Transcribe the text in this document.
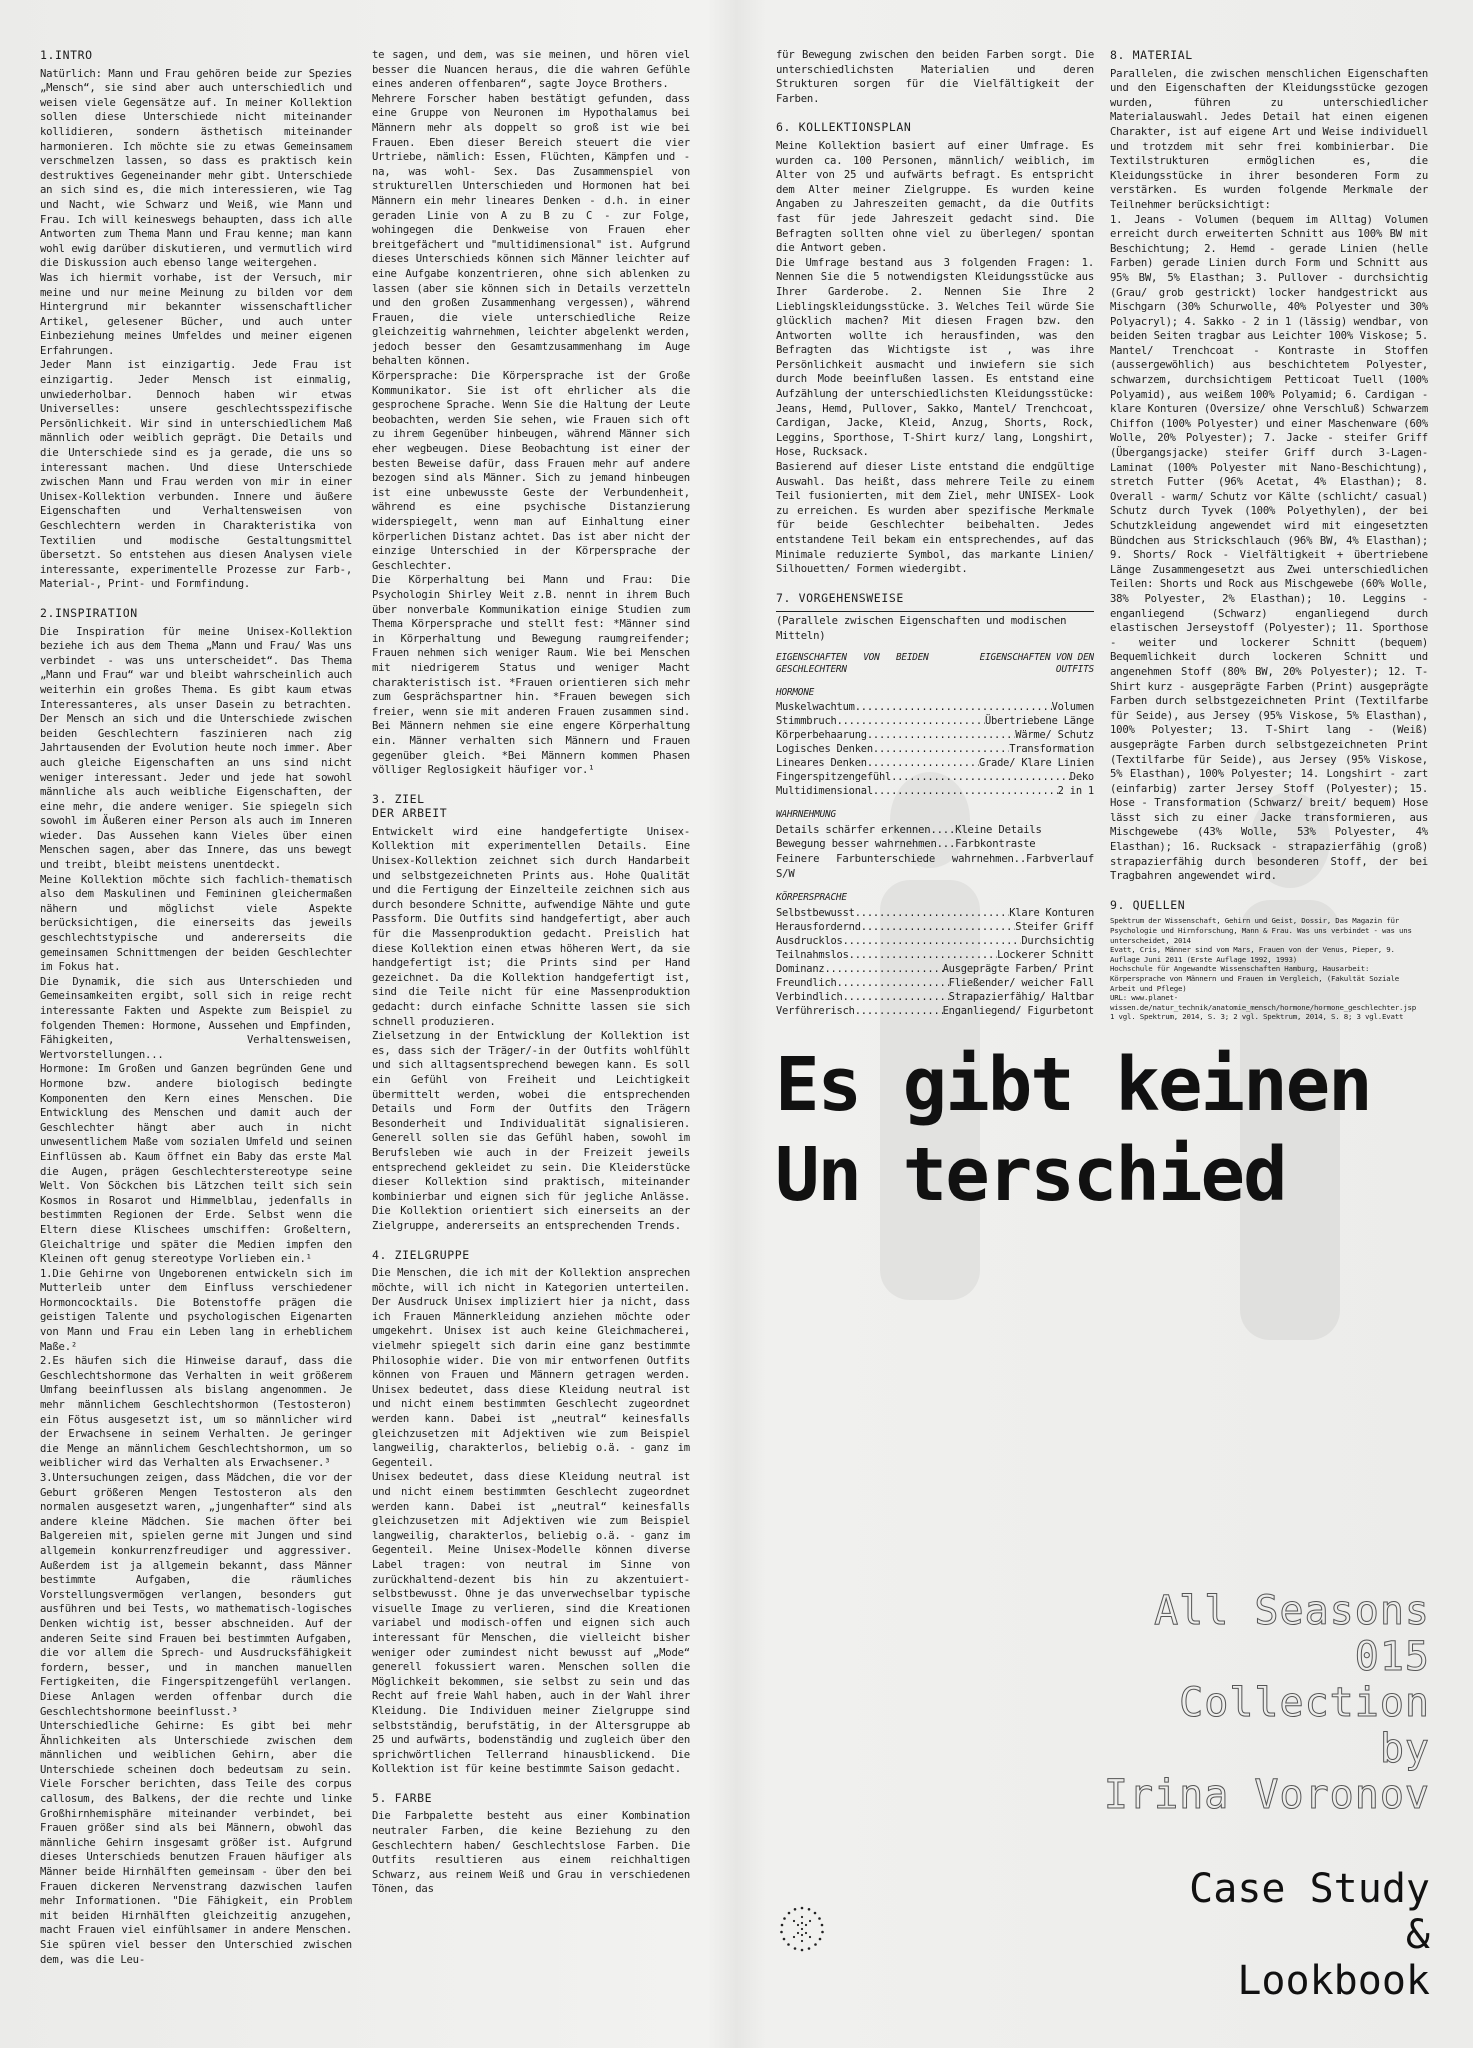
1.INTRO

Natürlich: Mann und Frau gehören beide zur Spezies „Mensch“, sie sind aber auch unterschiedlich und weisen viele Gegensätze auf. In meiner Kollektion sollen diese Unterschiede nicht miteinander kollidieren, sondern ästhetisch miteinander harmonieren. Ich möchte sie zu etwas Gemeinsamem verschmelzen lassen, so dass es praktisch kein destruktives Gegeneinander mehr gibt. Unterschiede an sich sind es, die mich interessieren, wie Tag und Nacht, wie Schwarz und Weiß, wie Mann und Frau. Ich will keineswegs behaupten, dass ich alle Antworten zum Thema Mann und Frau kenne; man kann wohl ewig darüber diskutieren, und vermutlich wird die Diskussion auch ebenso lange weitergehen.

Was ich hiermit vorhabe, ist der Versuch, mir meine und nur meine Meinung zu bilden vor dem Hintergrund mir bekannter wissenschaftlicher Artikel, gelesener Bücher, und auch unter Einbeziehung meines Umfeldes und meiner eigenen Erfahrungen.

Jeder Mann ist einzigartig. Jede Frau ist einzigartig. Jeder Mensch ist einmalig, unwiederholbar. Dennoch haben wir etwas Universelles: unsere geschlechtsspezifische Persönlichkeit. Wir sind in unterschiedlichem Maß männlich oder weiblich geprägt. Die Details und die Unterschiede sind es ja gerade, die uns so interessant machen. Und diese Unterschiede zwischen Mann und Frau werden von mir in einer Unisex-Kollektion verbunden. Innere und äußere Eigenschaften und Verhaltensweisen von Geschlechtern werden in Charakteristika von Textilien und modische Gestaltungsmittel übersetzt. So entstehen aus diesen Analysen viele interessante, experimentelle Prozesse zur Farb-, Material-, Print- und Formfindung.

2.INSPIRATION

Die Inspiration für meine Unisex-Kollektion beziehe ich aus dem Thema „Mann und Frau/ Was uns verbindet - was uns unterscheidet“. Das Thema „Mann und Frau“ war und bleibt wahrscheinlich auch weiterhin ein großes Thema. Es gibt kaum etwas Interessanteres, als unser Dasein zu betrachten. Der Mensch an sich und die Unterschiede zwischen beiden Geschlechtern faszinieren nach zig Jahrtausenden der Evolution heute noch immer. Aber auch gleiche Eigenschaften an uns sind nicht weniger interessant. Jeder und jede hat sowohl männliche als auch weibliche Eigenschaften, der eine mehr, die andere weniger. Sie spiegeln sich sowohl im Äußeren einer Person als auch im Inneren wieder. Das Aussehen kann Vieles über einen Menschen sagen, aber das Innere, das uns bewegt und treibt, bleibt meistens unentdeckt.

Meine Kollektion möchte sich fachlich-thematisch also dem Maskulinen und Femininen gleichermaßen nähern und möglichst viele Aspekte berücksichtigen, die einerseits das jeweils geschlechtstypische und andererseits die gemeinsamen Schnittmengen der beiden Geschlechter im Fokus hat.

Die Dynamik, die sich aus Unterschieden und Gemeinsamkeiten ergibt, soll sich in reige recht interessante Fakten und Aspekte zum Beispiel zu folgenden Themen: Hormone, Aussehen und Empfinden, Fähigkeiten, Verhaltensweisen, Wertvorstellungen...

Hormone: Im Großen und Ganzen begründen Gene und Hormone bzw. andere biologisch bedingte Komponenten den Kern eines Menschen. Die Entwicklung des Menschen und damit auch der Geschlechter hängt aber auch in nicht unwesentlichem Maße vom sozialen Umfeld und seinen Einflüssen ab. Kaum öffnet ein Baby das erste Mal die Augen, prägen Geschlechterstereotype seine Welt. Von Söckchen bis Lätzchen teilt sich sein Kosmos in Rosarot und Himmelblau, jedenfalls in bestimmten Regionen der Erde. Selbst wenn die Eltern diese Klischees umschiffen: Großeltern, Gleichaltrige und später die Medien impfen den Kleinen oft genug stereotype Vorlieben ein.¹

1.Die Gehirne von Ungeborenen entwickeln sich im Mutterleib unter dem Einfluss verschiedener Hormoncocktails. Die Botenstoffe prägen die geistigen Talente und psychologischen Eigenarten von Mann und Frau ein Leben lang in erheblichem Maße.²

2.Es häufen sich die Hinweise darauf, dass die Geschlechtshormone das Verhalten in weit größerem Umfang beeinflussen als bislang angenommen. Je mehr männlichem Geschlechtshormon (Testosteron) ein Fötus ausgesetzt ist, um so männlicher wird der Erwachsene in seinem Verhalten. Je geringer die Menge an männlichem Geschlechtshormon, um so weiblicher wird das Verhalten als Erwachsener.³

3.Untersuchungen zeigen, dass Mädchen, die vor der Geburt größeren Mengen Testosteron als den normalen ausgesetzt waren, „jungenhafter“ sind als andere kleine Mädchen. Sie machen öfter bei Balgereien mit, spielen gerne mit Jungen und sind allgemein konkurrenzfreudiger und aggressiver. Außerdem ist ja allgemein bekannt, dass Männer bestimmte Aufgaben, die räumliches Vorstellungsvermögen verlangen, besonders gut ausführen und bei Tests, wo mathematisch-logisches Denken wichtig ist, besser abschneiden. Auf der anderen Seite sind Frauen bei bestimmten Aufgaben, die vor allem die Sprech- und Ausdrucksfähigkeit fordern, besser, und in manchen manuellen Fertigkeiten, die Fingerspitzengefühl verlangen. Diese Anlagen werden offenbar durch die Geschlechtshormone beeinflusst.³

Unterschiedliche Gehirne: Es gibt bei mehr Ähnlichkeiten als Unterschiede zwischen dem männlichen und weiblichen Gehirn, aber die Unterschiede scheinen doch bedeutsam zu sein. Viele Forscher berichten, dass Teile des corpus callosum, des Balkens, der die rechte und linke Großhirnhemisphäre miteinander verbindet, bei Frauen größer sind als bei Männern, obwohl das männliche Gehirn insgesamt größer ist. Aufgrund dieses Unterschieds benutzen Frauen häufiger als Männer beide Hirnhälften gemeinsam - über den bei Frauen dickeren Nervenstrang dazwischen laufen mehr Informationen. "Die Fähigkeit, ein Problem mit beiden Hirnhälften gleichzeitig anzugehen, macht Frauen viel einfühlsamer in andere Menschen. Sie spüren viel besser den Unterschied zwischen dem, was die Leu-

te sagen, und dem, was sie meinen, und hören viel besser die Nuancen heraus, die die wahren Gefühle eines anderen offenbaren“, sagte Joyce Brothers.

Mehrere Forscher haben bestätigt gefunden, dass eine Gruppe von Neuronen im Hypothalamus bei Männern mehr als doppelt so groß ist wie bei Frauen. Eben dieser Bereich steuert die vier Urtriebe, nämlich: Essen, Flüchten, Kämpfen und - na, was wohl- Sex. Das Zusammenspiel von strukturellen Unterschieden und Hormonen hat bei Männern ein mehr lineares Denken - d.h. in einer geraden Linie von A zu B zu C - zur Folge, wohingegen die Denkweise von Frauen eher breitgefächert und "multidimensional" ist. Aufgrund dieses Unterschieds können sich Männer leichter auf eine Aufgabe konzentrieren, ohne sich ablenken zu lassen (aber sie können sich in Details verzetteln und den großen Zusammenhang vergessen), während Frauen, die viele unterschiedliche Reize gleichzeitig wahrnehmen, leichter abgelenkt werden, jedoch besser den Gesamtzusammenhang im Auge behalten können.

Körpersprache: Die Körpersprache ist der Große Kommunikator. Sie ist oft ehrlicher als die gesprochene Sprache. Wenn Sie die Haltung der Leute beobachten, werden Sie sehen, wie Frauen sich oft zu ihrem Gegenüber hinbeugen, während Männer sich eher wegbeugen. Diese Beobachtung ist einer der besten Beweise dafür, dass Frauen mehr auf andere bezogen sind als Männer. Sich zu jemand hinbeugen ist eine unbewusste Geste der Verbundenheit, während es eine psychische Distanzierung widerspiegelt, wenn man auf Einhaltung einer körperlichen Distanz achtet. Das ist aber nicht der einzige Unterschied in der Körpersprache der Geschlechter.

Die Körperhaltung bei Mann und Frau: Die Psychologin Shirley Weit z.B. nennt in ihrem Buch über nonverbale Kommunikation einige Studien zum Thema Körpersprache und stellt fest: *Männer sind in Körperhaltung und Bewegung raumgreifender; Frauen nehmen sich weniger Raum. Wie bei Menschen mit niedrigerem Status und weniger Macht charakteristisch ist. *Frauen orientieren sich mehr zum Gesprächspartner hin. *Frauen bewegen sich freier, wenn sie mit anderen Frauen zusammen sind. Bei Männern nehmen sie eine engere Körperhaltung ein. Männer verhalten sich Männern und Frauen gegenüber gleich. *Bei Männern kommen Phasen völliger Reglosigkeit häufiger vor.¹

3. ZIEL
DER ARBEIT

Entwickelt wird eine handgefertigte Unisex-Kollektion mit experimentellen Details. Eine Unisex-Kollektion zeichnet sich durch Handarbeit und selbstgezeichneten Prints aus. Hohe Qualität und die Fertigung der Einzelteile zeichnen sich aus durch besondere Schnitte, aufwendige Nähte und gute Passform. Die Outfits sind handgefertigt, aber auch für die Massenproduktion gedacht. Preislich hat diese Kollektion einen etwas höheren Wert, da sie handgefertigt ist; die Prints sind per Hand gezeichnet. Da die Kollektion handgefertigt ist, sind die Teile nicht für eine Massenproduktion gedacht: durch einfache Schnitte lassen sie sich schnell produzieren.

Zielsetzung in der Entwicklung der Kollektion ist es, dass sich der Träger/-in der Outfits wohlfühlt und sich alltagsentsprechend bewegen kann. Es soll ein Gefühl von Freiheit und Leichtigkeit übermittelt werden, wobei die entsprechenden Details und Form der Outfits den Trägern Besonderheit und Individualität signalisieren. Generell sollen sie das Gefühl haben, sowohl im Berufsleben wie auch in der Freizeit jeweils entsprechend gekleidet zu sein. Die Kleiderstücke dieser Kollektion sind praktisch, miteinander kombinierbar und eignen sich für jegliche Anlässe. Die Kollektion orientiert sich einerseits an der Zielgruppe, andererseits an entsprechenden Trends.

4. ZIELGRUPPE

Die Menschen, die ich mit der Kollektion ansprechen möchte, will ich nicht in Kategorien unterteilen. Der Ausdruck Unisex impliziert hier ja nicht, dass ich Frauen Männerkleidung anziehen möchte oder umgekehrt. Unisex ist auch keine Gleichmacherei, vielmehr spiegelt sich darin eine ganz bestimmte Philosophie wider. Die von mir entworfenen Outfits können von Frauen und Männern getragen werden. Unisex bedeutet, dass diese Kleidung neutral ist und nicht einem bestimmten Geschlecht zugeordnet werden kann. Dabei ist „neutral“ keinesfalls gleichzusetzen mit Adjektiven wie zum Beispiel langweilig, charakterlos, beliebig o.ä. - ganz im Gegenteil.

Unisex bedeutet, dass diese Kleidung neutral ist und nicht einem bestimmten Geschlecht zugeordnet werden kann. Dabei ist „neutral“ keinesfalls gleichzusetzen mit Adjektiven wie zum Beispiel langweilig, charakterlos, beliebig o.ä. - ganz im Gegenteil. Meine Unisex-Modelle können diverse Label tragen: von neutral im Sinne von zurückhaltend-dezent bis hin zu akzentuiert-selbstbewusst. Ohne je das unverwechselbar typische visuelle Image zu verlieren, sind die Kreationen variabel und modisch-offen und eignen sich auch interessant für Menschen, die vielleicht bisher weniger oder zumindest nicht bewusst auf „Mode“ generell fokussiert waren. Menschen sollen die Möglichkeit bekommen, sie selbst zu sein und das Recht auf freie Wahl haben, auch in der Wahl ihrer Kleidung. Die Individuen meiner Zielgruppe sind selbstständig, berufstätig, in der Altersgruppe ab 25 und aufwärts, bodenständig und zugleich über den sprichwörtlichen Tellerrand hinausblickend. Die Kollektion ist für keine bestimmte Saison gedacht.

5. FARBE

Die Farbpalette besteht aus einer Kombination neutraler Farben, die keine Beziehung zu den Geschlechtern haben/ Geschlechtslose Farben. Die Outfits resultieren aus einem reichhaltigen Schwarz, aus reinem Weiß und Grau in verschiedenen Tönen, das

für Bewegung zwischen den beiden Farben sorgt. Die unterschiedlichsten Materialien und deren Strukturen sorgen für die Vielfältigkeit der Farben.

6. KOLLEKTIONSPLAN

Meine Kollektion basiert auf einer Umfrage. Es wurden ca. 100 Personen, männlich/ weiblich, im Alter von 25 und aufwärts befragt. Es entspricht dem Alter meiner Zielgruppe. Es wurden keine Angaben zu Jahreszeiten gemacht, da die Outfits fast für jede Jahreszeit gedacht sind. Die Befragten sollten ohne viel zu überlegen/ spontan die Antwort geben.

Die Umfrage bestand aus 3 folgenden Fragen: 1. Nennen Sie die 5 notwendigsten Kleidungsstücke aus Ihrer Garderobe. 2. Nennen Sie Ihre 2 Lieblingskleidungsstücke. 3. Welches Teil würde Sie glücklich machen? Mit diesen Fragen bzw. den Antworten wollte ich herausfinden, was den Befragten das Wichtigste ist , was ihre Persönlichkeit ausmacht und inwiefern sie sich durch Mode beeinflußen lassen. Es entstand eine Aufzählung der unterschiedlichsten Kleidungsstücke: Jeans, Hemd, Pullover, Sakko, Mantel/ Trenchcoat, Cardigan, Jacke, Kleid, Anzug, Shorts, Rock, Leggins, Sporthose, T-Shirt kurz/ lang, Longshirt, Hose, Rucksack.

Basierend auf dieser Liste entstand die endgültige Auswahl. Das heißt, dass mehrere Teile zu einem Teil fusionierten, mit dem Ziel, mehr UNISEX- Look zu erreichen. Es wurden aber spezifische Merkmale für beide Geschlechter beibehalten. Jedes entstandene Teil bekam ein entsprechendes, auf das Minimale reduzierte Symbol, das markante Linien/ Silhouetten/ Formen wiedergibt.

7. VORGEHENSWEISE

(Parallele zwischen Eigenschaften und modischen Mitteln)

EIGENSCHAFTEN VON BEIDEN GESCHLECHTERN
EIGENSCHAFTEN VON DEN OUTFITS
HORMONE
Muskelwachtum .....	Volumen
Stimmbruch .....	Übertriebene Länge
Körperbehaarung .....	Wärme/ Schutz
Logisches Denken .....	Transformation
Lineares Denken .....	Grade/ Klare Linien
Fingerspitzengefühl .....	Deko
Multidimensional .....	2 in 1
WAHRNEHMUNG
Details schärfer erkennen....Kleine Details
Bewegung besser wahrnehmen...Farbkontraste
Feinere Farbunterschiede wahrnehmen..Farbverlauf S/W
KÖRPERSPRACHE
Selbstbewusst .....	Klare Konturen
Herausfordernd .....	Steifer Griff
Ausdrucklos .....	Durchsichtig
Teilnahmslos .....	Lockerer Schnitt
Dominanz .....	Ausgeprägte Farben/ Print
Freundlich .....	Fließender/ weicher Fall
Verbindlich .....	Strapazierfähig/ Haltbar
Verführerisch .....	Enganliegend/ Figurbetont
8. MATERIAL

Parallelen, die zwischen menschlichen Eigenschaften und den Eigenschaften der Kleidungsstücke gezogen wurden, führen zu unterschiedlicher Materialauswahl. Jedes Detail hat einen eigenen Charakter, ist auf eigene Art und Weise individuell und trotzdem mit sehr frei kombinierbar. Die Textilstrukturen ermöglichen es, die Kleidungsstücke in ihrer besonderen Form zu verstärken. Es wurden folgende Merkmale der Teilnehmer berücksichtigt:

1. Jeans - Volumen (bequem im Alltag) Volumen erreicht durch erweiterten Schnitt aus 100% BW mit Beschichtung; 2. Hemd - gerade Linien (helle Farben) gerade Linien durch Form und Schnitt aus 95% BW, 5% Elasthan; 3. Pullover - durchsichtig (Grau/ grob gestrickt) locker handgestrickt aus Mischgarn (30% Schurwolle, 40% Polyester und 30% Polyacryl); 4. Sakko - 2 in 1 (lässig) wendbar, von beiden Seiten tragbar aus Leichter 100% Viskose; 5. Mantel/ Trenchcoat - Kontraste in Stoffen (aussergewöhlich) aus beschichtetem Polyester, schwarzem, durchsichtigem Petticoat Tuell (100% Polyamid), aus weißem 100% Polyamid; 6. Cardigan - klare Konturen (Oversize/ ohne Verschluß) Schwarzem Chiffon (100% Polyester) und einer Maschenware (60% Wolle, 20% Polyester); 7. Jacke - steifer Griff (Übergangsjacke) steifer Griff durch 3-Lagen-Laminat (100% Polyester mit Nano-Beschichtung), stretch Futter (96% Acetat, 4% Elasthan); 8. Overall - warm/ Schutz vor Kälte (schlicht/ casual) Schutz durch Tyvek (100% Polyethylen), der bei Schutzkleidung angewendet wird mit eingesetzten Bündchen aus Strickschlauch (96% BW, 4% Elasthan); 9. Shorts/ Rock - Vielfältigkeit + übertriebene Länge Zusammengesetzt aus Zwei unterschiedlichen Teilen: Shorts und Rock aus Mischgewebe (60% Wolle, 38% Polyester, 2% Elasthan); 10. Leggins - enganliegend (Schwarz) enganliegend durch elastischen Jerseystoff (Polyester); 11. Sporthose - weiter und lockerer Schnitt (bequem) Bequemlichkeit durch lockeren Schnitt und angenehmen Stoff (80% BW, 20% Polyester); 12. T-Shirt kurz - ausgeprägte Farben (Print) ausgeprägte Farben durch selbstgezeichneten Print (Textilfarbe für Seide), aus Jersey (95% Viskose, 5% Elasthan), 100% Polyester; 13. T-Shirt lang - (Weiß) ausgeprägte Farben durch selbstgezeichneten Print (Textilfarbe für Seide), aus Jersey (95% Viskose, 5% Elasthan), 100% Polyester; 14. Longshirt - zart (einfarbig) zarter Jersey Stoff (Polyester); 15. Hose - Transformation (Schwarz/ breit/ bequem) Hose lässt sich zu einer Jacke transformieren, aus Mischgewebe (43% Wolle, 53% Polyester, 4% Elasthan); 16. Rucksack - strapazierfähig (groß) strapazierfähig durch besonderen Stoff, der bei Tragbahren angewendet wird.

9. QUELLEN

Spektrum der Wissenschaft, Gehirn und Geist, Dossir, Das Magazin für Psychologie und Hirnforschung, Mann & Frau. Was uns verbindet - was uns unterscheidet, 2014

Evatt, Cris, Männer sind vom Mars, Frauen von der Venus, Pieper, 9. Auflage Juni 2011 (Erste Auflage 1992, 1993)

Hochschule für Angewandte Wissenschaften Hamburg, Hausarbeit: Körpersprache von Männern und Frauen im Vergleich, (Fakultät Soziale Arbeit und Pflege)

URL: www.planet-wissen.de/natur_technik/anatomie_mensch/hormone/hormone_geschlechter.jsp

1 vgl. Spektrum, 2014, S. 3; 2 vgl. Spektrum, 2014, S. 8; 3 vgl.Evatt

Es gibt keinen Un terschied
All Seasons
015
Collection
by
Irina Voronov
Case Study
&
Lookbook
